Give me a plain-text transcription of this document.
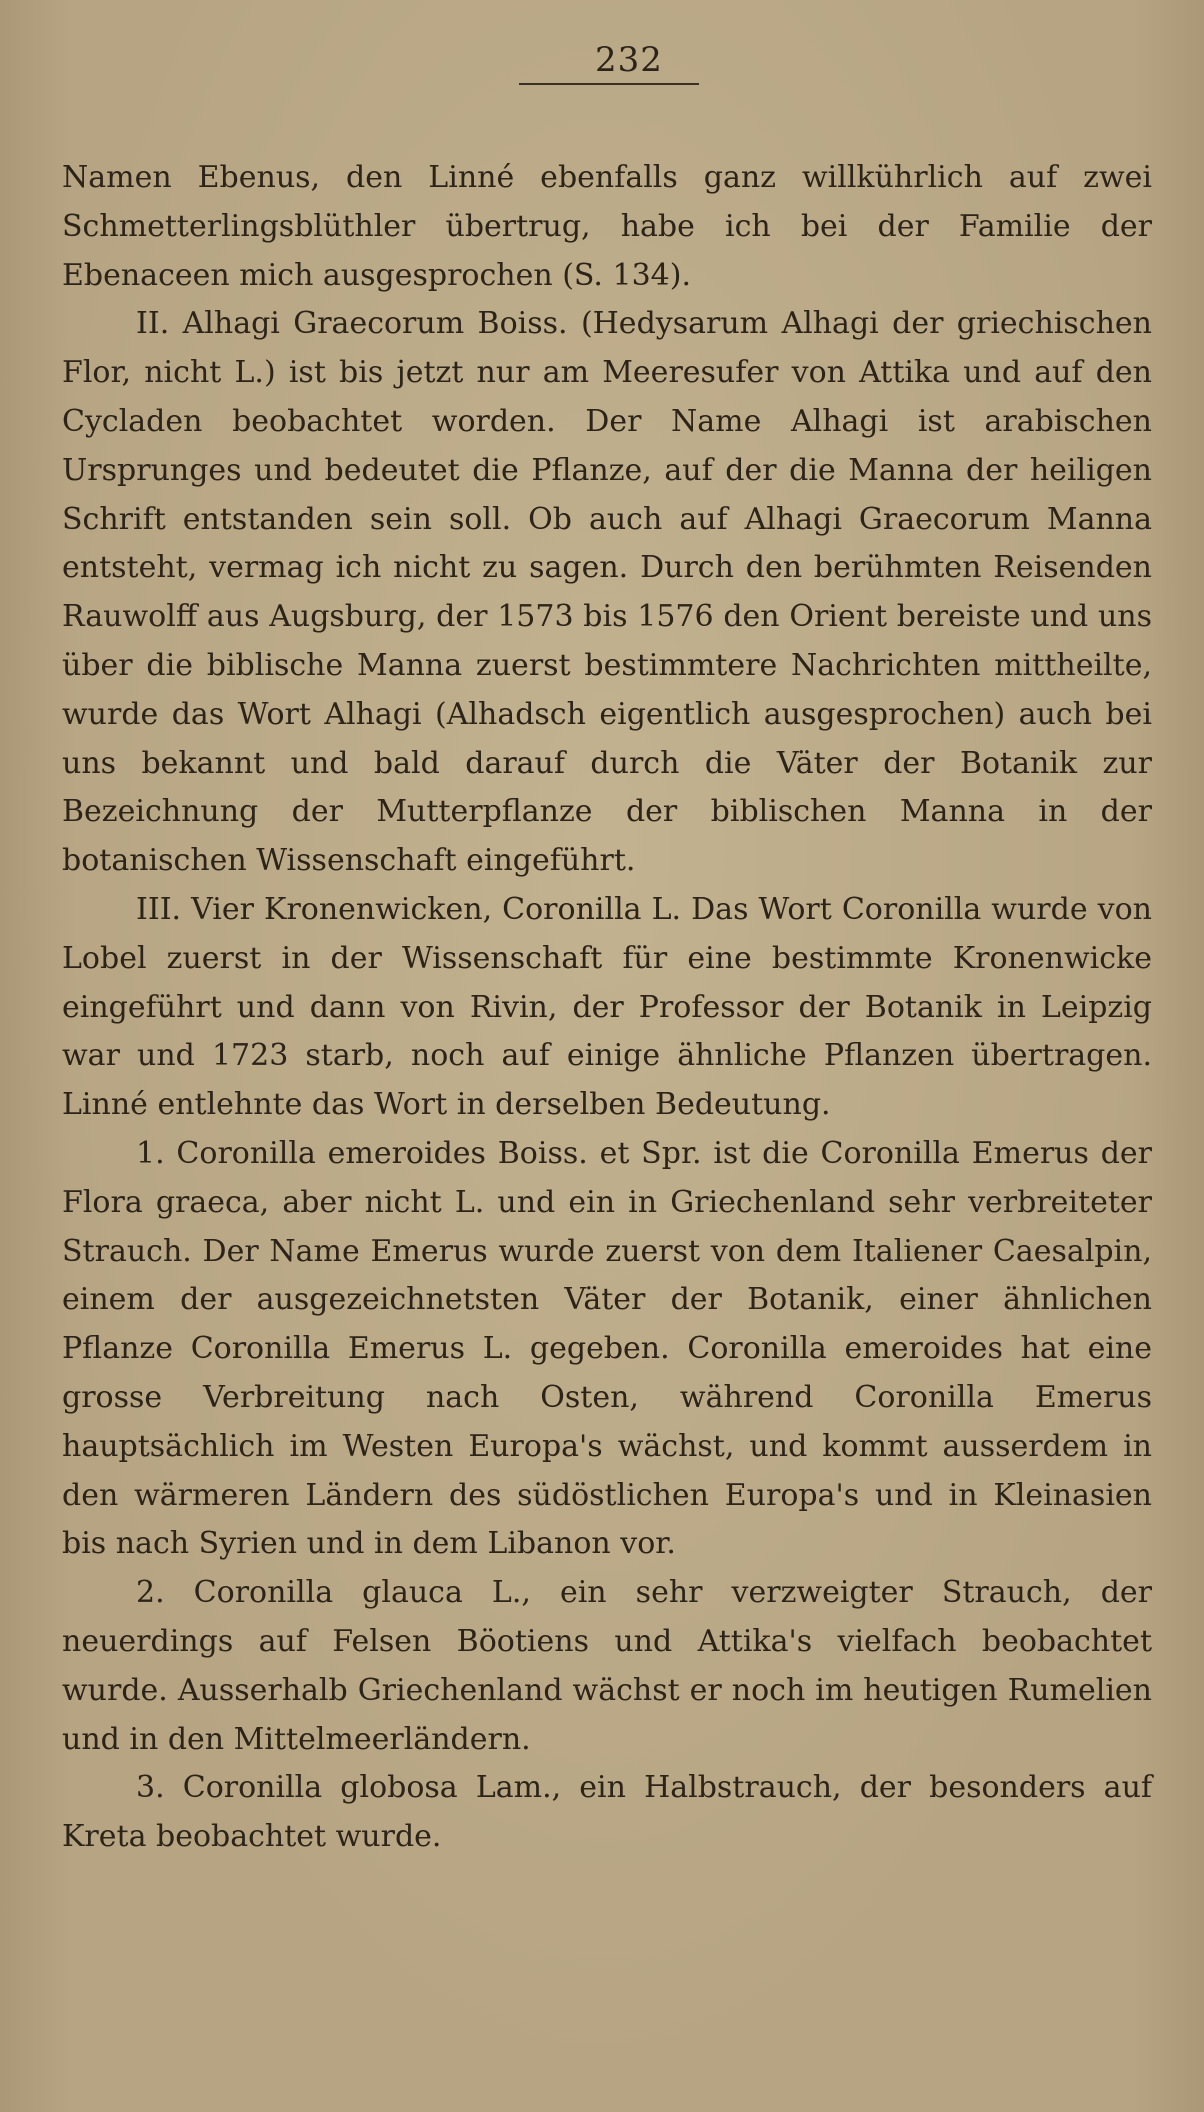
232

Namen Ebenus, den Linné ebenfalls ganz willkührlich auf zwei Schmetterlingsblüthler übertrug, habe ich bei der Familie der Ebenaceen mich ausgesprochen (S. 134).

II. Alhagi Graecorum Boiss. (Hedysarum Alhagi der griechischen Flor, nicht L.) ist bis jetzt nur am Meeresufer von Attika und auf den Cycladen beobachtet worden. Der Name Alhagi ist arabischen Ursprunges und bedeutet die Pflanze, auf der die Manna der heiligen Schrift entstanden sein soll. Ob auch auf Alhagi Graecorum Manna entsteht, vermag ich nicht zu sagen. Durch den berühmten Reisenden Rauwolff aus Augsburg, der 1573 bis 1576 den Orient bereiste und uns über die biblische Manna zuerst bestimmtere Nachrichten mittheilte, wurde das Wort Alhagi (Alhadsch eigentlich ausgesprochen) auch bei uns bekannt und bald darauf durch die Väter der Botanik zur Bezeichnung der Mutterpflanze der biblischen Manna in der botanischen Wissenschaft eingeführt.

III. Vier Kronenwicken, Coronilla L. Das Wort Coronilla wurde von Lobel zuerst in der Wissenschaft für eine bestimmte Kronenwicke eingeführt und dann von Rivin, der Professor der Botanik in Leipzig war und 1723 starb, noch auf einige ähnliche Pflanzen übertragen. Linné entlehnte das Wort in derselben Bedeutung.

1. Coronilla emeroides Boiss. et Spr. ist die Coronilla Emerus der Flora graeca, aber nicht L. und ein in Griechenland sehr verbreiteter Strauch. Der Name Emerus wurde zuerst von dem Italiener Caesalpin, einem der ausgezeichnetsten Väter der Botanik, einer ähnlichen Pflanze Coronilla Emerus L. gegeben. Coronilla emeroides hat eine grosse Verbreitung nach Osten, während Coronilla Emerus hauptsächlich im Westen Europa's wächst, und kommt ausserdem in den wärmeren Ländern des südöstlichen Europa's und in Kleinasien bis nach Syrien und in dem Libanon vor.

2. Coronilla glauca L., ein sehr verzweigter Strauch, der neuerdings auf Felsen Böotiens und Attika's vielfach beobachtet wurde. Ausserhalb Griechenland wächst er noch im heutigen Rumelien und in den Mittelmeerländern.

3. Coronilla globosa Lam., ein Halbstrauch, der besonders auf Kreta beobachtet wurde.
